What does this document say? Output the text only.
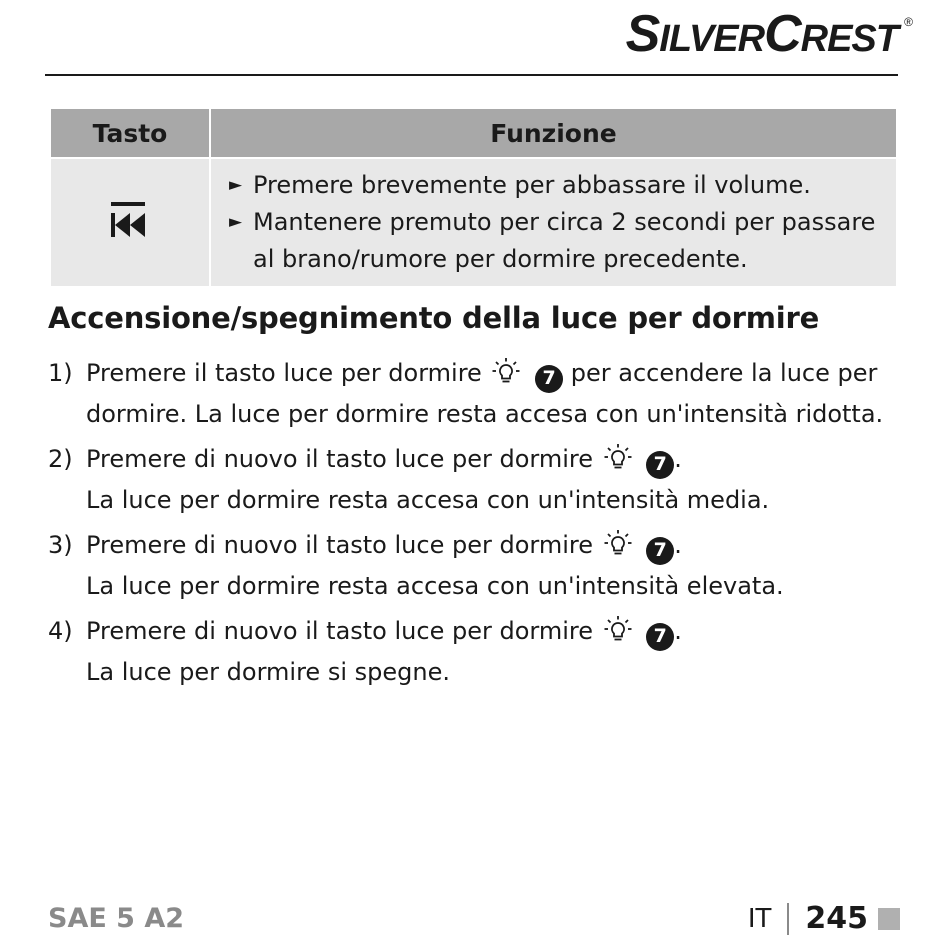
SILVERCREST ®
Tasto	Funzione

► Premere brevemente per abbassare il volume.
► Mantenere premuto per circa 2 secondi per passare al brano/rumore per dormire precedente.
Accensione/spegnimento della luce per dormire
1) Premere il tasto luce per dormire	7 per accendere la luce per dormire. La luce per dormire resta accesa con un'intensità ridotta.
2) Premere di nuovo il tasto luce per dormire	7 .
La luce per dormire resta accesa con un'intensità media.
3) Premere di nuovo il tasto luce per dormire	7 .
La luce per dormire resta accesa con un'intensità elevata.
4) Premere di nuovo il tasto luce per dormire	7 .
La luce per dormire si spegne.
SAE 5 A2	IT 245
